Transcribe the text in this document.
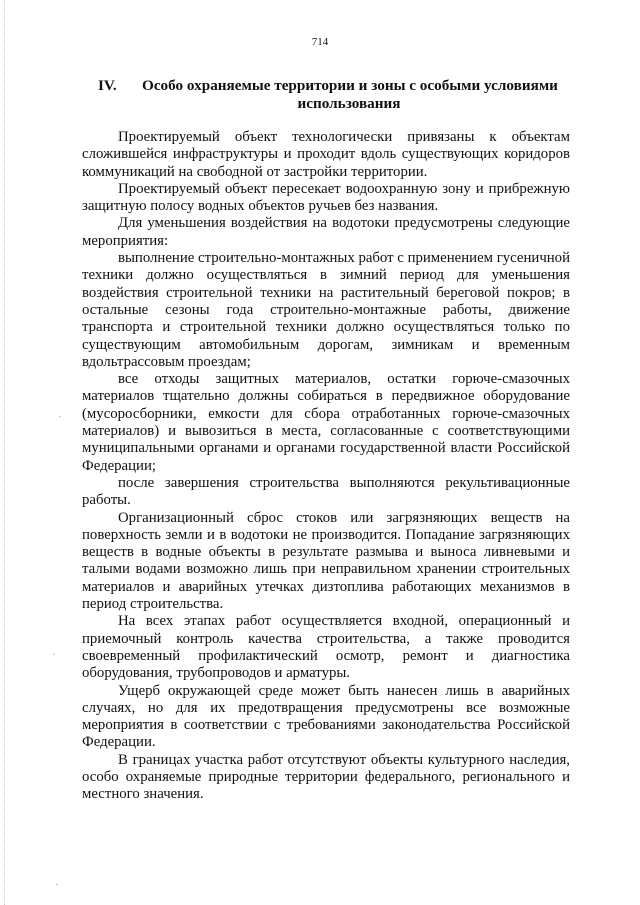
714
IV.	Особо охраняемые территории и зоны с особыми условиями
использования

Проектируемый объект технологически привязаны к объектам сложившейся инфраструктуры и проходит вдоль существующих коридоров коммуникаций на свободной от застройки территории.

Проектируемый объект пересекает водоохранную зону и прибрежную защитную полосу водных объектов ручьев без названия.

Для уменьшения воздействия на водотоки предусмотрены следующие мероприятия:

выполнение строительно-монтажных работ с применением гусеничной техники должно осуществляться в зимний период для уменьшения воздействия строительной техники на растительный береговой покров; в остальные сезоны года строительно-монтажные работы, движение транспорта и строительной техники должно осуществляться только по существующим автомобильным дорогам, зимникам и временным вдольтрассовым проездам;

все отходы защитных материалов, остатки горюче-смазочных материалов тщательно должны собираться в передвижное оборудование (мусоросборники, емкости для сбора отработанных горюче-смазочных материалов) и вывозиться в места, согласованные с соответствующими муниципальными органами и органами государственной власти Российской Федерации;

после завершения строительства выполняются рекультивационные работы.

Организационный сброс стоков или загрязняющих веществ на поверхность земли и в водотоки не производится. Попадание загрязняющих веществ в водные объекты в результате размыва и выноса ливневыми и талыми водами возможно лишь при неправильном хранении строительных материалов и аварийных утечках дизтоплива работающих механизмов в период строительства.

На всех этапах работ осуществляется входной, операционный и приемочный контроль качества строительства, а также проводится своевременный профилактический осмотр, ремонт и диагностика оборудования, трубопроводов и арматуры.

Ущерб окружающей среде может быть нанесен лишь в аварийных случаях, но для их предотвращения предусмотрены все возможные мероприятия в соответствии с требованиями законодательства Российской Федерации.

В границах участка работ отсутствуют объекты культурного наследия, особо охраняемые природные территории федерального, регионального и местного значения.

·
·
·
